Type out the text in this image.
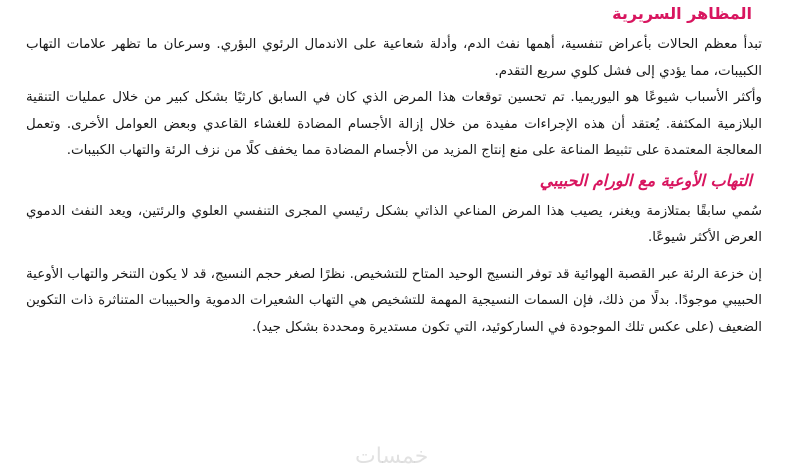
المظاهر السريرية

تبدأ معظم الحالات بأعراض تنفسية، أهمها نفث الدم، وأدلة شعاعية على الاندمال الرئوي البؤري. وسرعان ما تظهر علامات التهاب الكبيبات، مما يؤدي إلى فشل كلوي سريع التقدم.

وأكثر الأسباب شيوعًا هو اليوريميا. تم تحسين توقعات هذا المرض الذي كان في السابق كارثيًا بشكل كبير من خلال عمليات التنقية البلازمية المكثفة. يُعتقد أن هذه الإجراءات مفيدة من خلال إزالة الأجسام المضادة للغشاء القاعدي وبعض العوامل الأخرى. وتعمل المعالجة المعتمدة على تثبيط المناعة على منع إنتاج المزيد من الأجسام المضادة مما يخفف كلًا من نزف الرئة والتهاب الكبيبات.

التهاب الأوعية مع الورام الحبيبي

سُمي سابقًا بمتلازمة ويغنر، يصيب هذا المرض المناعي الذاتي بشكل رئيسي المجرى التنفسي العلوي والرئتين، ويعد النفث الدموي العرض الأكثر شيوعًا.

إن خزعة الرئة عبر القصبة الهوائية قد توفر النسيج الوحيد المتاح للتشخيص. نظرًا لصغر حجم النسيج، قد لا يكون التنخر والتهاب الأوعية الحبيبي موجودًا. بدلًا من ذلك، فإن السمات النسيجية المهمة للتشخيص هي التهاب الشعيرات الدموية والحبيبات المتناثرة ذات التكوين الضعيف (على عكس تلك الموجودة في الساركوئيد، التي تكون مستديرة ومحددة بشكل جيد).

خمسات
